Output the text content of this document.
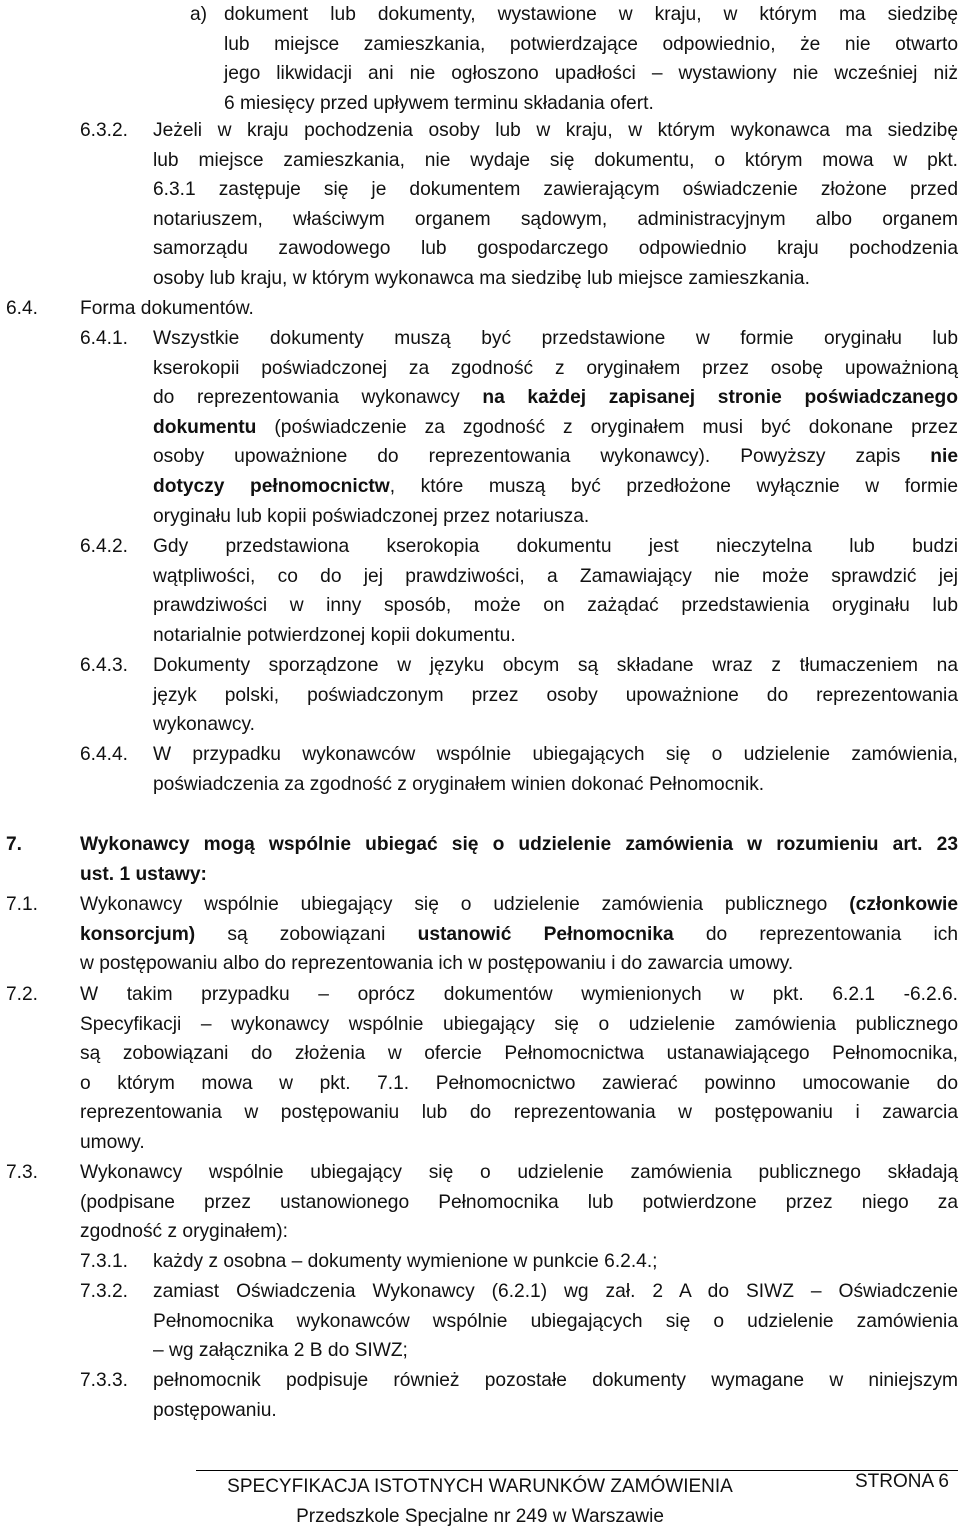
a) dokument lub dokumenty, wystawione w kraju, w którym ma siedzibę
lub miejsce zamieszkania, potwierdzające odpowiednio, że nie otwarto
jego likwidacji ani nie ogłoszono upadłości – wystawiony nie wcześniej niż
6 miesięcy przed upływem terminu składania ofert.
6.3.2. Jeżeli w kraju pochodzenia osoby lub w kraju, w którym wykonawca ma siedzibę
lub miejsce zamieszkania, nie wydaje się dokumentu, o którym mowa w pkt.
6.3.1 zastępuje się je dokumentem zawierającym oświadczenie złożone przed
notariuszem, właściwym organem sądowym, administracyjnym albo organem
samorządu zawodowego lub gospodarczego odpowiednio kraju pochodzenia
osoby lub kraju, w którym wykonawca ma siedzibę lub miejsce zamieszkania.
6.4. Forma dokumentów.
6.4.1. Wszystkie dokumenty muszą być przedstawione w formie oryginału lub
kserokopii poświadczonej za zgodność z oryginałem przez osobę upoważnioną
do reprezentowania wykonawcy na każdej zapisanej stronie poświadczanego
dokumentu (poświadczenie za zgodność z oryginałem musi być dokonane przez
osoby upoważnione do reprezentowania wykonawcy). Powyższy zapis nie
dotyczy pełnomocnictw, które muszą być przedłożone wyłącznie w formie
oryginału lub kopii poświadczonej przez notariusza.
6.4.2. Gdy przedstawiona kserokopia dokumentu jest nieczytelna lub budzi
wątpliwości, co do jej prawdziwości, a Zamawiający nie może sprawdzić jej
prawdziwości w inny sposób, może on zażądać przedstawienia oryginału lub
notarialnie potwierdzonej kopii dokumentu.
6.4.3. Dokumenty sporządzone w języku obcym są składane wraz z tłumaczeniem na
język polski, poświadczonym przez osoby upoważnione do reprezentowania
wykonawcy.
6.4.4. W przypadku wykonawców wspólnie ubiegających się o udzielenie zamówienia,
poświadczenia za zgodność z oryginałem winien dokonać Pełnomocnik.
7.	Wykonawcy mogą wspólnie ubiegać się o udzielenie zamówienia w rozumieniu art. 23
ust. 1 ustawy:
7.1. Wykonawcy wspólnie ubiegający się o udzielenie zamówienia publicznego (członkowie
konsorcjum) są zobowiązani ustanowić Pełnomocnika do reprezentowania ich
w postępowaniu albo do reprezentowania ich w postępowaniu i do zawarcia umowy.
7.2. W takim przypadku – oprócz dokumentów wymienionych w pkt. 6.2.1 -6.2.6.
Specyfikacji – wykonawcy wspólnie ubiegający się o udzielenie zamówienia publicznego
są zobowiązani do złożenia w ofercie Pełnomocnictwa ustanawiającego Pełnomocnika,
o którym mowa w pkt. 7.1. Pełnomocnictwo zawierać powinno umocowanie do
reprezentowania w postępowaniu lub do reprezentowania w postępowaniu i zawarcia
umowy.
7.3. Wykonawcy wspólnie ubiegający się o udzielenie zamówienia publicznego składają
(podpisane przez ustanowionego Pełnomocnika lub potwierdzone przez niego za
zgodność z oryginałem):
7.3.1. każdy z osobna – dokumenty wymienione w punkcie 6.2.4.;
7.3.2. zamiast Oświadczenia Wykonawcy (6.2.1) wg zał. 2 A do SIWZ – Oświadczenie
Pełnomocnika wykonawców wspólnie ubiegających się o udzielenie zamówienia
– wg załącznika 2 B do SIWZ;
7.3.3. pełnomocnik podpisuje również pozostałe dokumenty wymagane w niniejszym
postępowaniu.
SPECYFIKACJA ISTOTNYCH WARUNKÓW ZAMÓWIENIA
Przedszkole Specjalne nr 249 w Warszawie
STRONA 6
